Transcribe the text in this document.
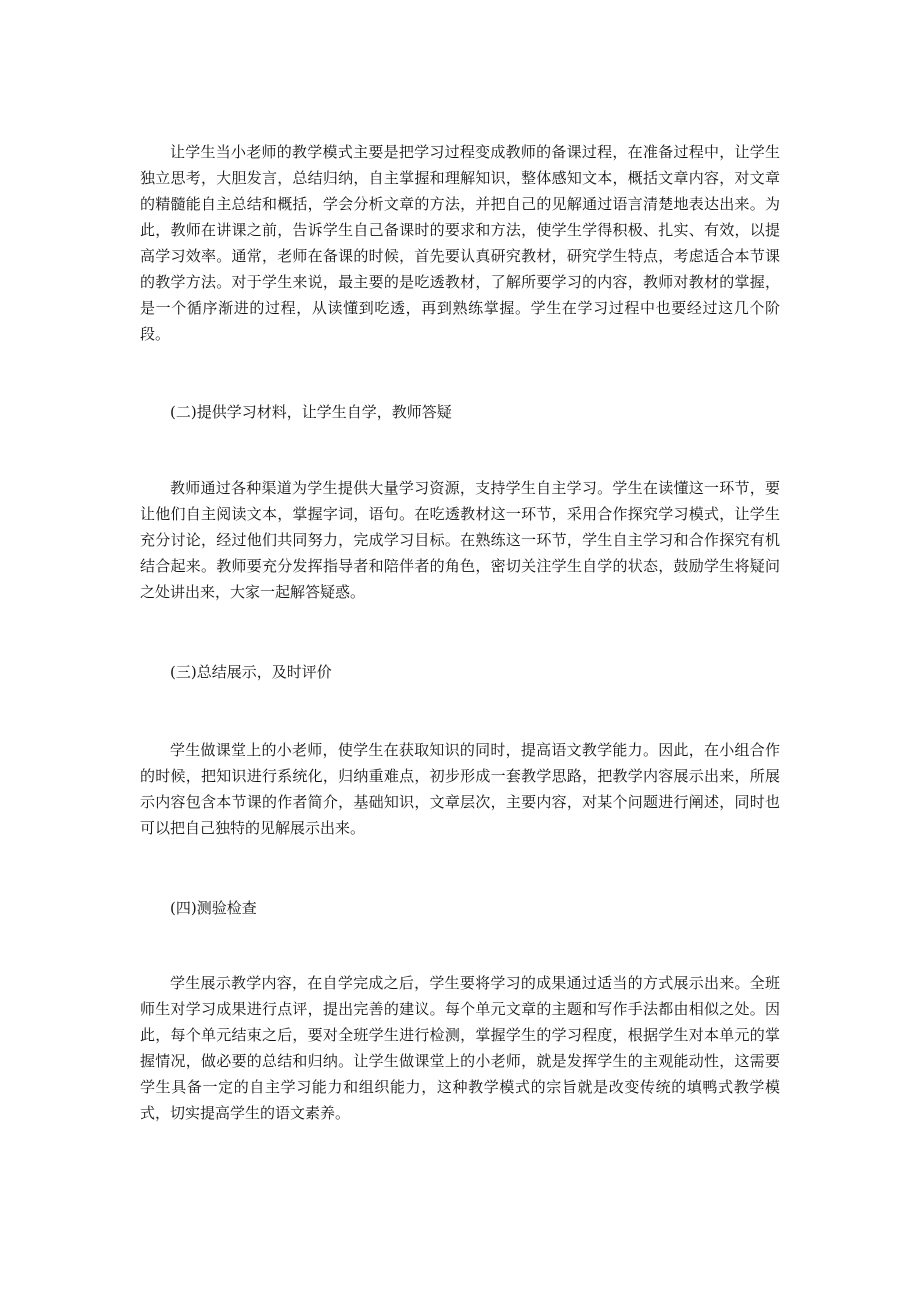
让学生当小老师的教学模式主要是把学习过程变成教师的备课过程，在准备过程中，让学生独立思考，大胆发言，总结归纳，自主掌握和理解知识，整体感知文本，概括文章内容，对文章的精髓能自主总结和概括，学会分析文章的方法，并把自己的见解通过语言清楚地表达出来。为此，教师在讲课之前，告诉学生自己备课时的要求和方法，使学生学得积极、扎实、有效，以提高学习效率。通常，老师在备课的时候，首先要认真研究教材，研究学生特点，考虑适合本节课的教学方法。对于学生来说，最主要的是吃透教材，了解所要学习的内容，教师对教材的掌握，是一个循序渐进的过程，从读懂到吃透，再到熟练掌握。学生在学习过程中也要经过这几个阶段。

(二)提供学习材料，让学生自学，教师答疑

教师通过各种渠道为学生提供大量学习资源，支持学生自主学习。学生在读懂这一环节，要让他们自主阅读文本，掌握字词，语句。在吃透教材这一环节，采用合作探究学习模式，让学生充分讨论，经过他们共同努力，完成学习目标。在熟练这一环节，学生自主学习和合作探究有机结合起来。教师要充分发挥指导者和陪伴者的角色，密切关注学生自学的状态，鼓励学生将疑问之处讲出来，大家一起解答疑惑。

(三)总结展示，及时评价

学生做课堂上的小老师，使学生在获取知识的同时，提高语文教学能力。因此，在小组合作的时候，把知识进行系统化，归纳重难点，初步形成一套教学思路，把教学内容展示出来，所展示内容包含本节课的作者简介，基础知识，文章层次，主要内容，对某个问题进行阐述，同时也可以把自己独特的见解展示出来。

(四)测验检查

学生展示教学内容，在自学完成之后，学生要将学习的成果通过适当的方式展示出来。全班师生对学习成果进行点评，提出完善的建议。每个单元文章的主题和写作手法都由相似之处。因此，每个单元结束之后，要对全班学生进行检测，掌握学生的学习程度，根据学生对本单元的掌握情况，做必要的总结和归纳。让学生做课堂上的小老师，就是发挥学生的主观能动性，这需要学生具备一定的自主学习能力和组织能力，这种教学模式的宗旨就是改变传统的填鸭式教学模式，切实提高学生的语文素养。
